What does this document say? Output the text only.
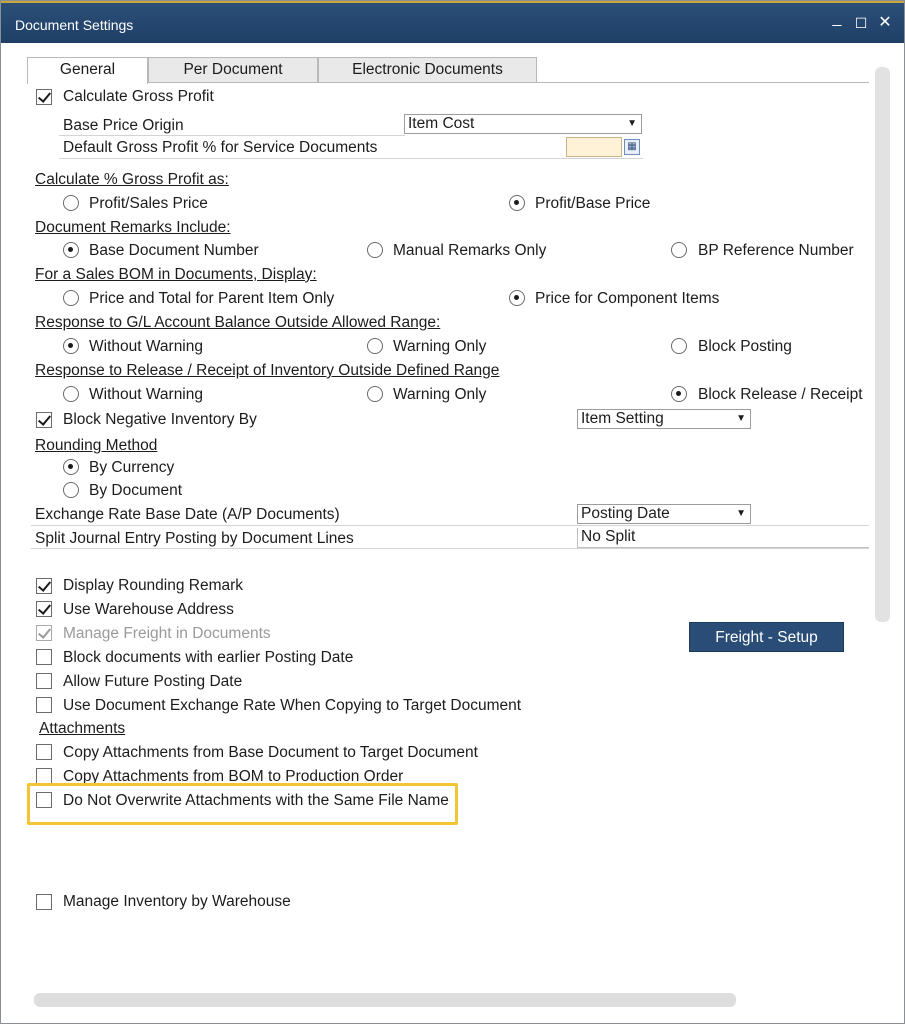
Document Settings	_ ☐ ✕
General	Per Document	Electronic Documents
Calculate Gross Profit
Base Price Origin	Item Cost	▼
Default Gross Profit % for Service Documents	▦
Calculate % Gross Profit as:
Profit/Sales Price	Profit/Base Price
Document Remarks Include:
Base Document Number	Manual Remarks Only	BP Reference Number
For a Sales BOM in Documents, Display:
Price and Total for Parent Item Only	Price for Component Items
Response to G/L Account Balance Outside Allowed Range:
Without Warning	Warning Only	Block Posting
Response to Release / Receipt of Inventory Outside Defined Range
Without Warning	Warning Only	Block Release / Receipt
Block Negative Inventory By	Item Setting	▼
Rounding Method
By Currency
By Document
Exchange Rate Base Date (A/P Documents)	Posting Date	▼
Split Journal Entry Posting by Document Lines	No Split
Display Rounding Remark
Use Warehouse Address
Manage Freight in Documents	Freight - Setup
Block documents with earlier Posting Date
Allow Future Posting Date
Use Document Exchange Rate When Copying to Target Document
Attachments
Copy Attachments from Base Document to Target Document
Copy Attachments from BOM to Production Order
Do Not Overwrite Attachments with the Same File Name
Manage Inventory by Warehouse
